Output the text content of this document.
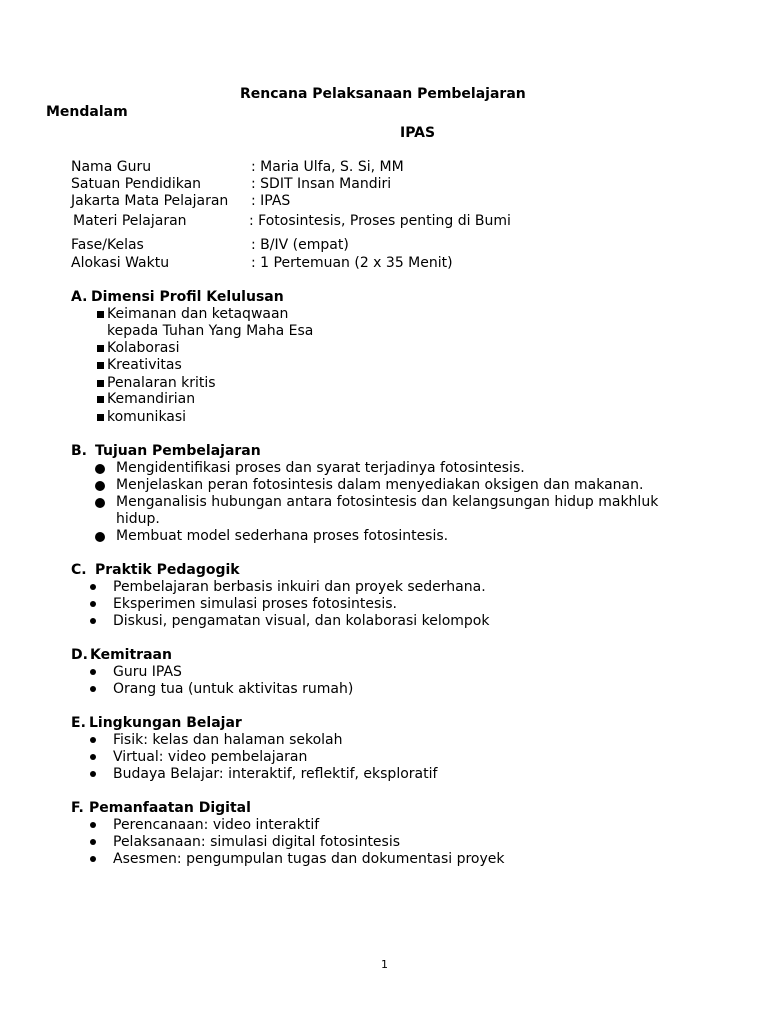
Rencana Pelaksanaan Pembelajaran
Mendalam
IPAS
Nama Guru	: Maria Ulfa, S. Si, MM
Satuan Pendidikan	: SDIT Insan Mandiri
Jakarta Mata Pelajaran : IPAS
Materi Pelajaran	: Fotosintesis, Proses penting di Bumi
Fase/Kelas	: B/IV (empat)
Alokasi Waktu	: 1 Pertemuan (2 x 35 Menit)
A. Dimensi Profil Kelulusan
Keimanan dan ketaqwaan
kepada Tuhan Yang Maha Esa
Kolaborasi
Kreativitas
Penalaran kritis
Kemandirian
komunikasi
B. Tujuan Pembelajaran
Mengidentifikasi proses dan syarat terjadinya fotosintesis.
Menjelaskan peran fotosintesis dalam menyediakan oksigen dan makanan.
Menganalisis hubungan antara fotosintesis dan kelangsungan hidup makhluk
hidup.
Membuat model sederhana proses fotosintesis.
C. Praktik Pedagogik
Pembelajaran berbasis inkuiri dan proyek sederhana.
Eksperimen simulasi proses fotosintesis.
Diskusi, pengamatan visual, dan kolaborasi kelompok
D. Kemitraan
Guru IPAS
Orang tua (untuk aktivitas rumah)
E. Lingkungan Belajar
Fisik: kelas dan halaman sekolah
Virtual: video pembelajaran
Budaya Belajar: interaktif, reflektif, eksploratif
F. Pemanfaatan Digital
Perencanaan: video interaktif
Pelaksanaan: simulasi digital fotosintesis
Asesmen: pengumpulan tugas dan dokumentasi proyek
1
